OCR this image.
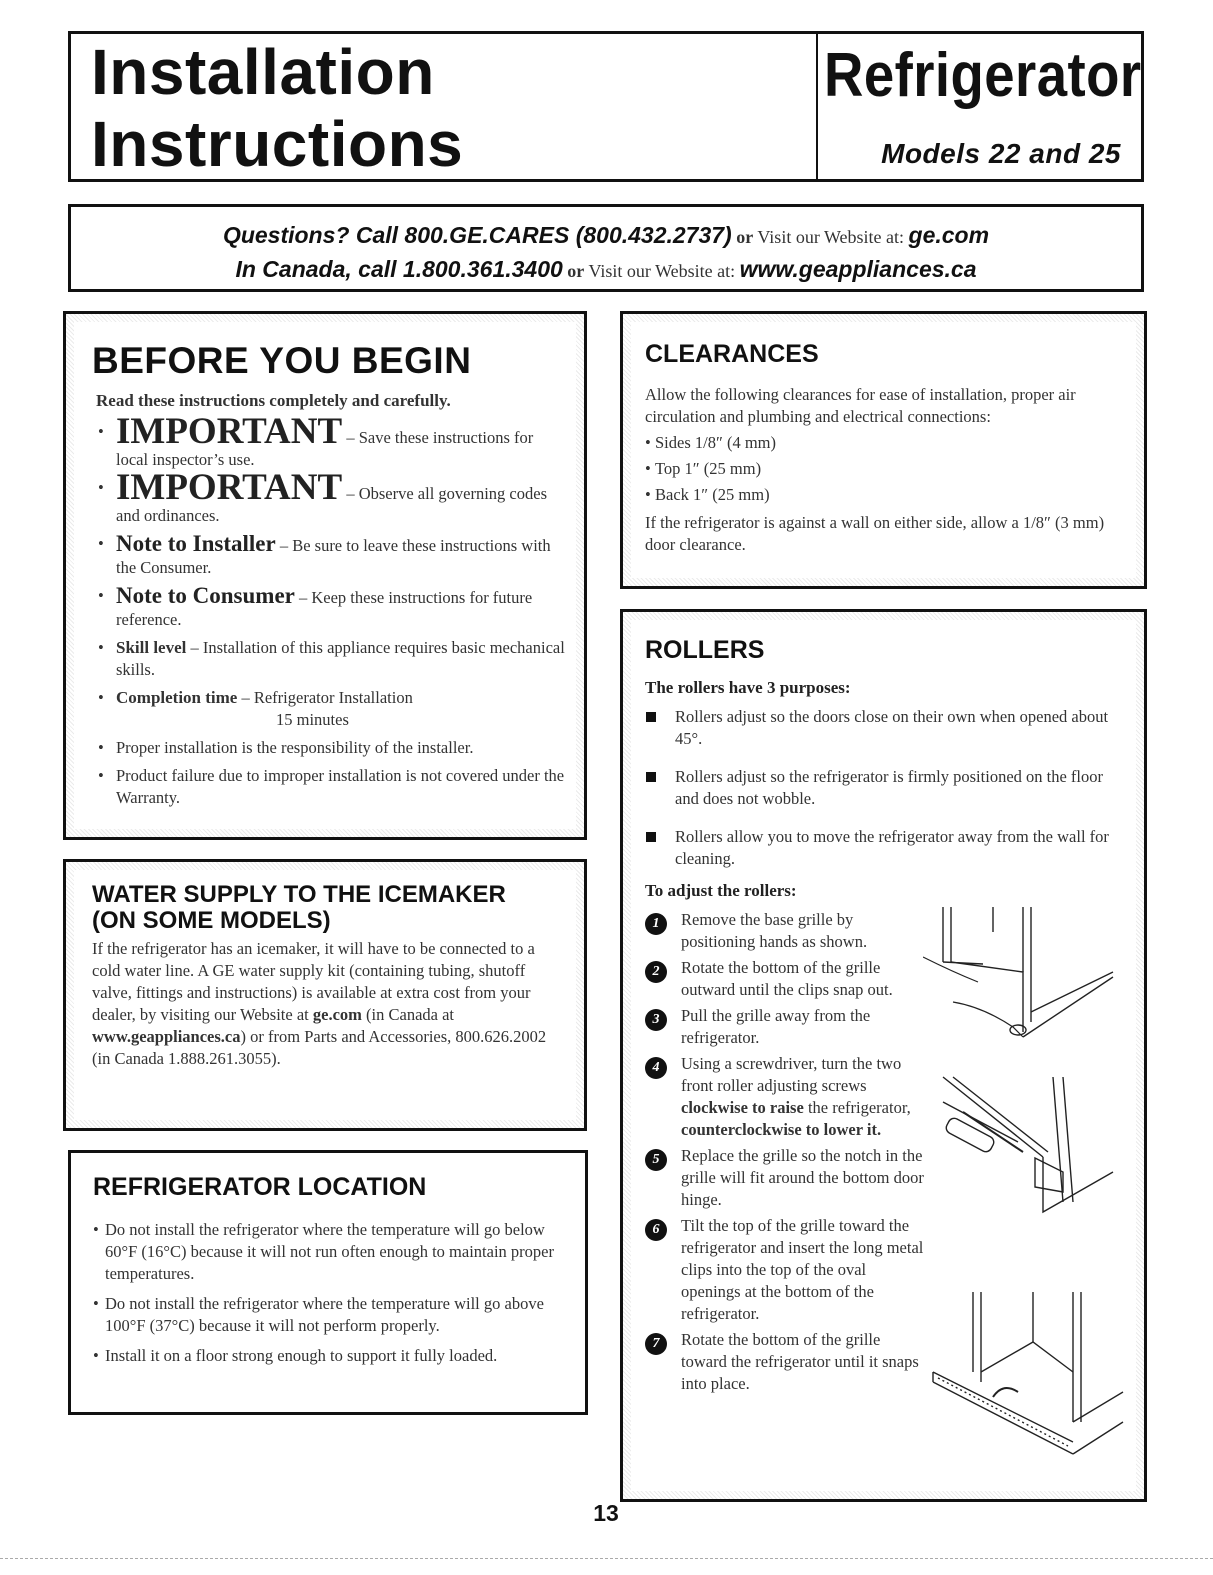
Installation
Instructions
Refrigerator
Models 22 and 25
Questions? Call 800.GE.CARES (800.432.2737) or Visit our Website at: ge.com
In Canada, call 1.800.361.3400 or Visit our Website at: www.geappliances.ca
BEFORE YOU BEGIN
Read these instructions completely and carefully.
• IMPORTANT – Save these instructions for local inspector’s use.
• IMPORTANT – Observe all governing codes and ordinances.
• Note to Installer – Be sure to leave these instructions with the Consumer.
• Note to Consumer – Keep these instructions for future reference.
• Skill level – Installation of this appliance requires basic mechanical skills.
• Completion time – Refrigerator Installation
15 minutes
• Proper installation is the responsibility of the installer.
• Product failure due to improper installation is not covered under the Warranty.
WATER SUPPLY TO THE ICEMAKER
(ON SOME MODELS)

If the refrigerator has an icemaker, it will have to be connected to a cold water line. A GE water supply kit (containing tubing, shutoff valve, fittings and instructions) is available at extra cost from your dealer, by visiting our Website at ge.com (in Canada at www.geappliances.ca) or from Parts and Accessories, 800.626.2002 (in Canada 1.888.261.3055).

REFRIGERATOR LOCATION
• Do not install the refrigerator where the temperature will go below 60°F (16°C) because it will not run often enough to maintain proper temperatures.
• Do not install the refrigerator where the temperature will go above 100°F (37°C) because it will not perform properly.
• Install it on a floor strong enough to support it fully loaded.
CLEARANCES

Allow the following clearances for ease of installation, proper air circulation and plumbing and electrical connections:

• Sides 1/8″ (4 mm)
• Top 1″ (25 mm)
• Back 1″ (25 mm)

If the refrigerator is against a wall on either side, allow a 1/8″ (3 mm) door clearance.

ROLLERS
The rollers have 3 purposes:
Rollers adjust so the doors close on their own when opened about 45°.
Rollers adjust so the refrigerator is firmly positioned on the floor and does not wobble.
Rollers allow you to move the refrigerator away from the wall for cleaning.
To adjust the rollers:
1	Remove the base grille by positioning hands as shown.
2	Rotate the bottom of the grille outward until the clips snap out.
3	Pull the grille away from the refrigerator.
4	Using a screwdriver, turn the two front roller adjusting screws clockwise to raise the refrigerator, counterclockwise to lower it.
5	Replace the grille so the notch in the grille will fit around the bottom door hinge.
6	Tilt the top of the grille toward the refrigerator and insert the long metal clips into the top of the oval openings at the bottom of the refrigerator.
7	Rotate the bottom of the grille toward the refrigerator until it snaps into place.
13
